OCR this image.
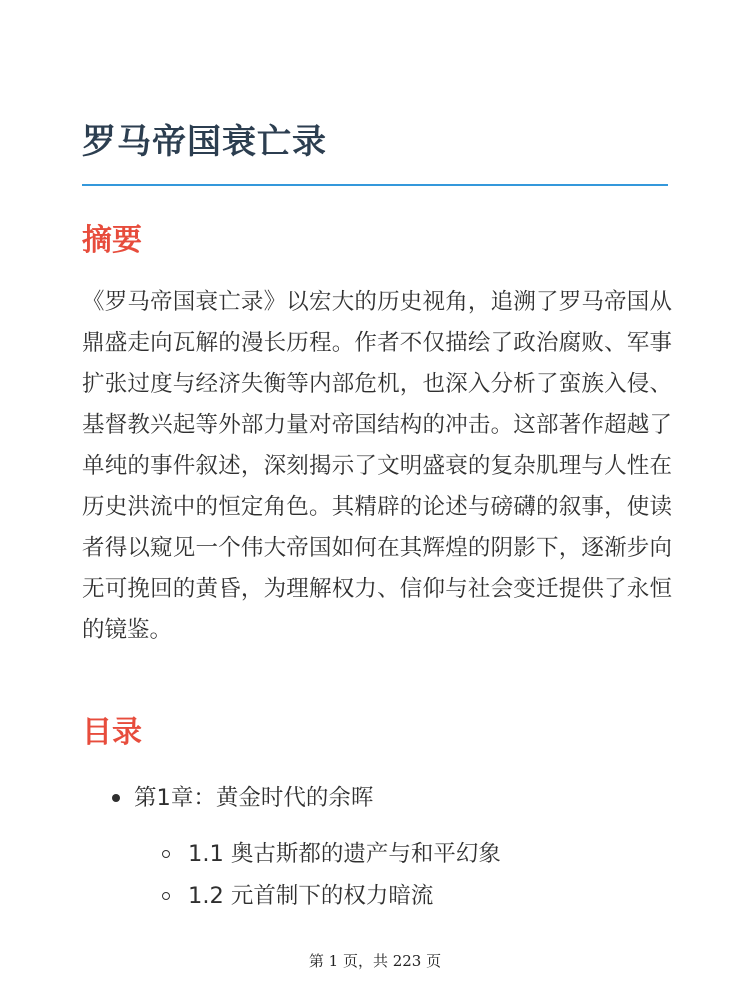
罗马帝国衰亡录
摘要

《罗马帝国衰亡录》以宏大的历史视角，追溯了罗马帝国从鼎盛走向瓦解的漫长历程。作者不仅描绘了政治腐败、军事扩张过度与经济失衡等内部危机，也深入分析了蛮族入侵、基督教兴起等外部力量对帝国结构的冲击。这部著作超越了单纯的事件叙述，深刻揭示了文明盛衰的复杂肌理与人性在历史洪流中的恒定角色。其精辟的论述与磅礴的叙事，使读者得以窥见一个伟大帝国如何在其辉煌的阴影下，逐渐步向无可挽回的黄昏，为理解权力、信仰与社会变迁提供了永恒的镜鉴。

目录
第1章：黄金时代的余晖
1.1 奥古斯都的遗产与和平幻象
1.2 元首制下的权力暗流
第 1 页，共 223 页
